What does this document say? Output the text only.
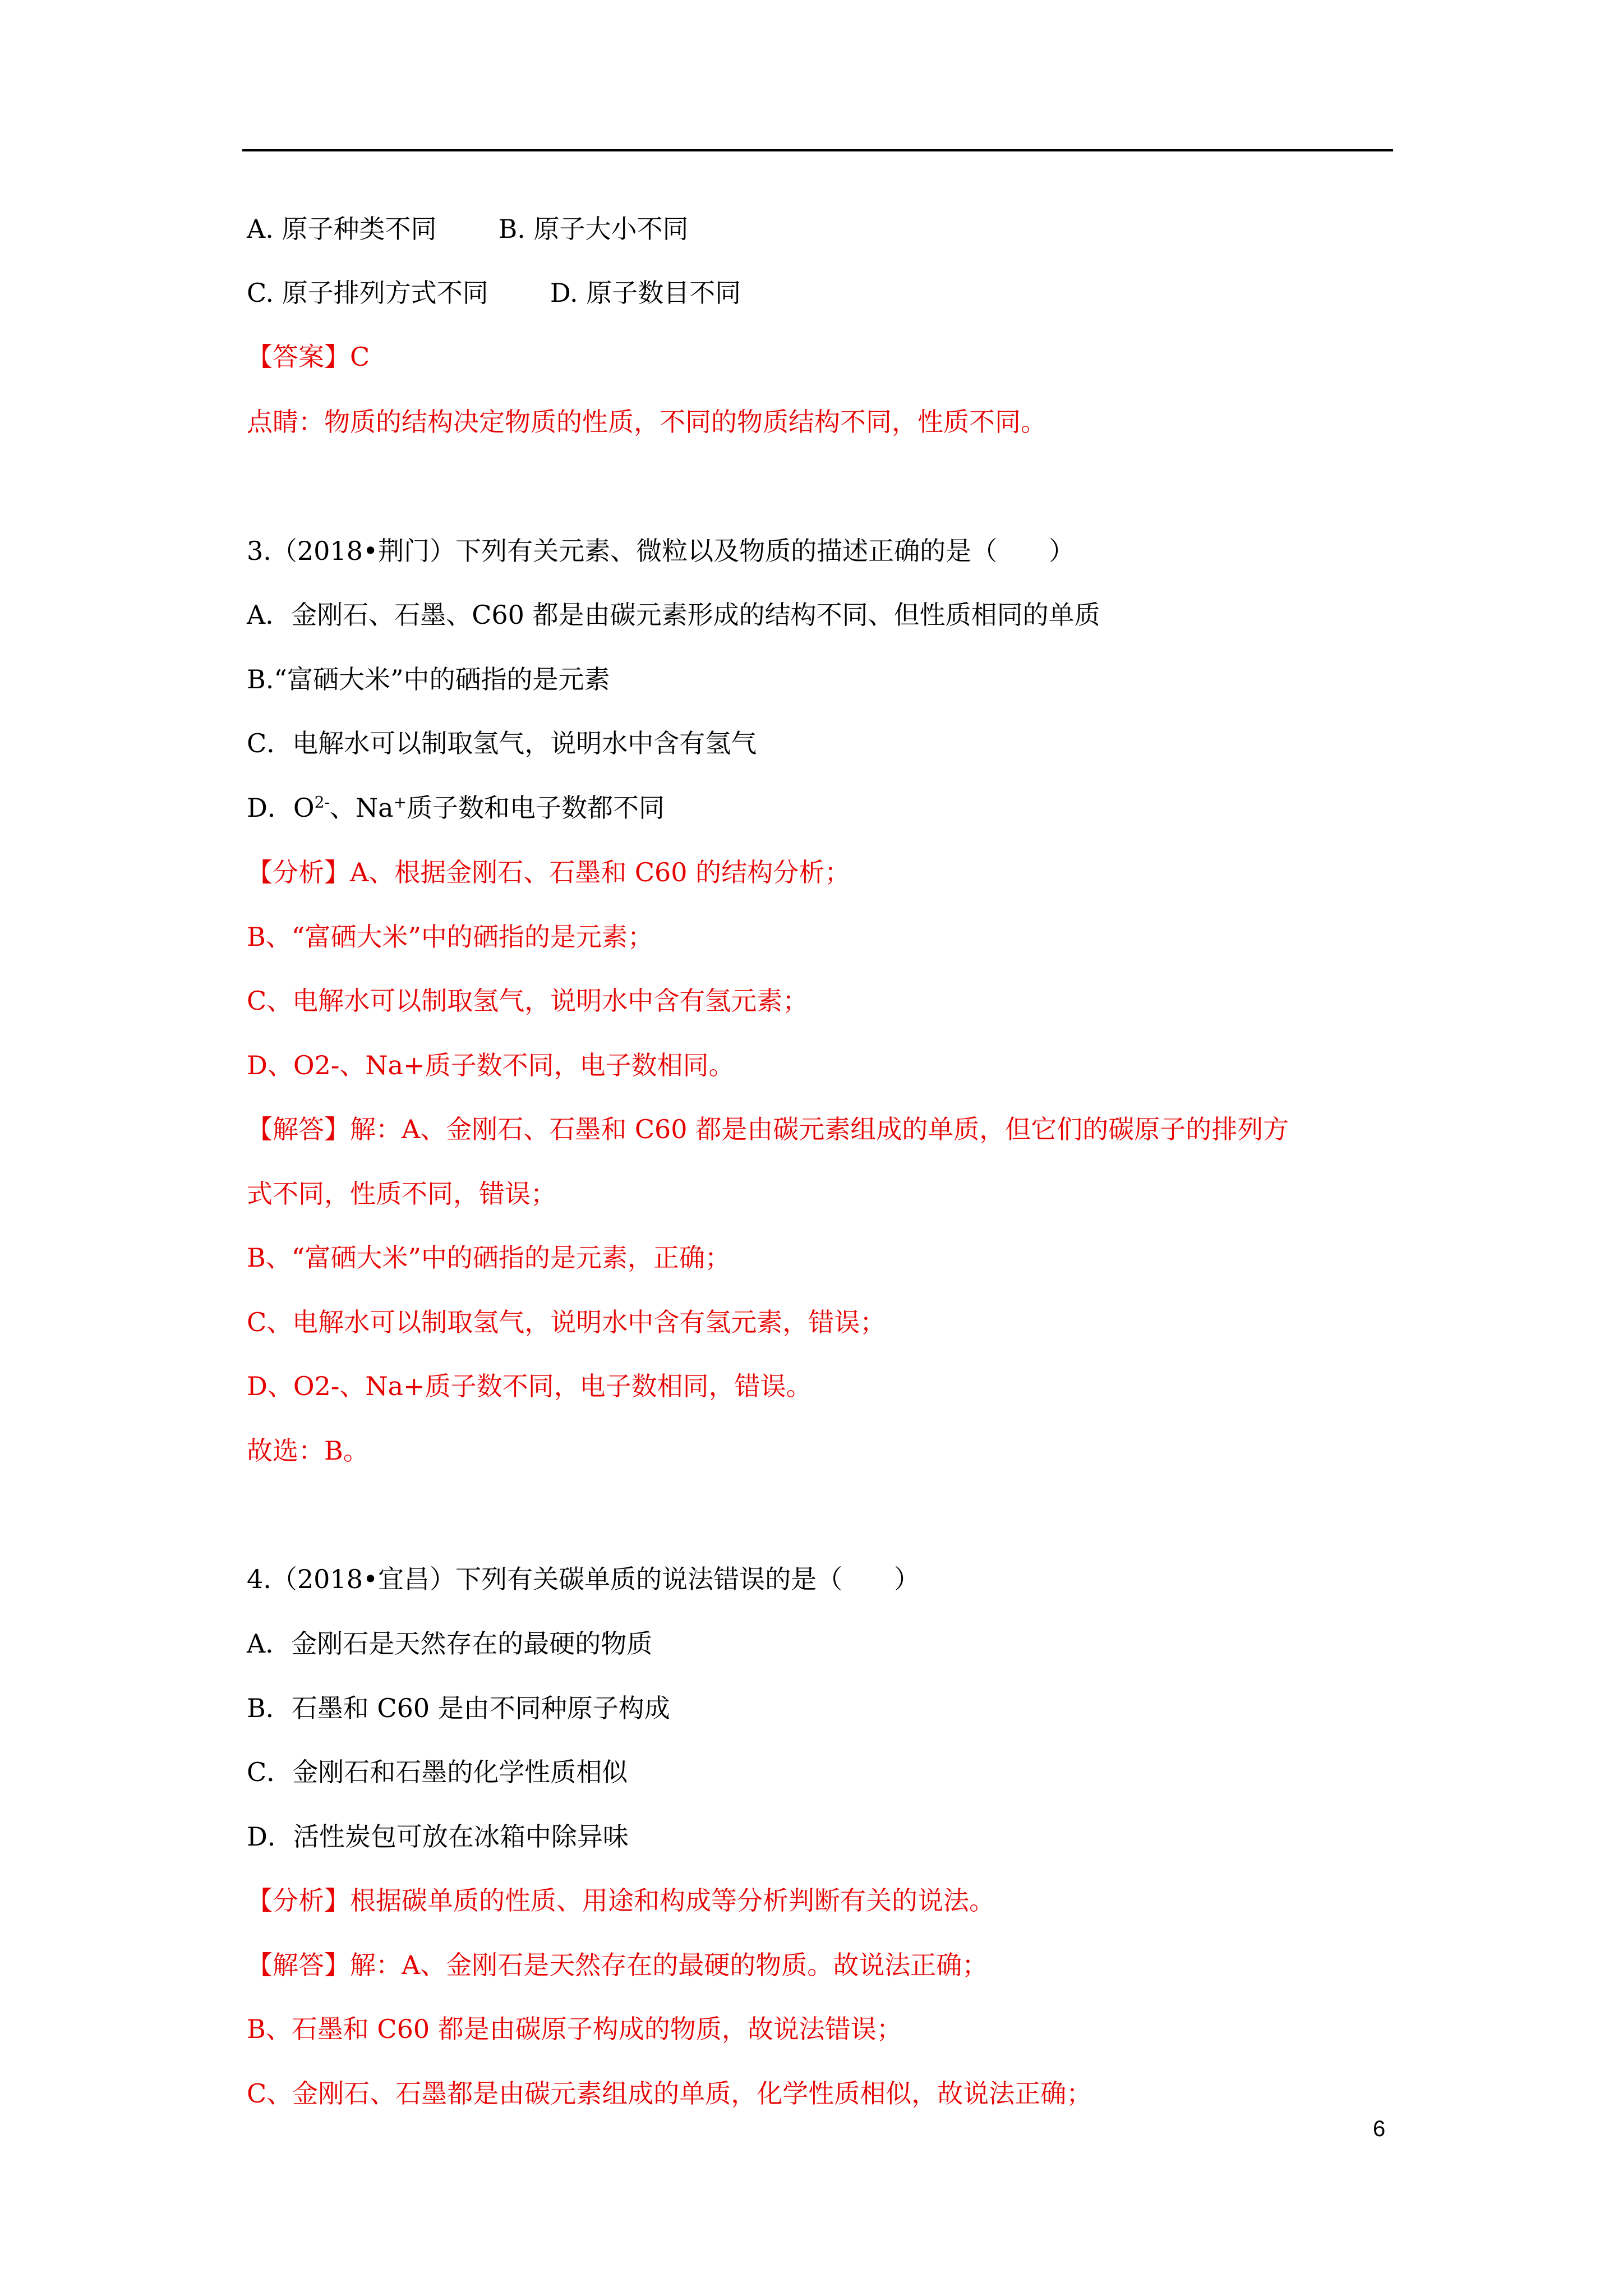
A. 原子种类不同 B. 原子大小不同
C. 原子排列方式不同 D. 原子数目不同
【答案】C
点睛：物质的结构决定物质的性质，不同的物质结构不同，性质不同。
3.（2018•荆门）下列有关元素、微粒以及物质的描述正确的是（　　）
A．金刚石、石墨、C60 都是由碳元素形成的结构不同、但性质相同的单质
B.“富硒大米”中的硒指的是元素
C．电解水可以制取氢气，说明水中含有氢气
D．$O^{2-}$、Na+质子数和电子数都不同
【分析】A、根据金刚石、石墨和 C60 的结构分析；
B、“富硒大米”中的硒指的是元素；
C、电解水可以制取氢气，说明水中含有氢元素；
D、O2-、Na+质子数不同，电子数相同。
【解答】解：A、金刚石、石墨和 C60 都是由碳元素组成的单质，但它们的碳原子的排列方
式不同，性质不同，错误；
B、“富硒大米”中的硒指的是元素，正确；
C、电解水可以制取氢气，说明水中含有氢元素，错误；
D、O2-、Na+质子数不同，电子数相同，错误。
故选：B。
4.（2018•宜昌）下列有关碳单质的说法错误的是（　　）
A．金刚石是天然存在的最硬的物质
B．石墨和 C60 是由不同种原子构成
C．金刚石和石墨的化学性质相似
D．活性炭包可放在冰箱中除异味
【分析】根据碳单质的性质、用途和构成等分析判断有关的说法。
【解答】解：A、金刚石是天然存在的最硬的物质。故说法正确；
B、石墨和 C60 都是由碳原子构成的物质，故说法错误；
C、金刚石、石墨都是由碳元素组成的单质，化学性质相似，故说法正确；
6
